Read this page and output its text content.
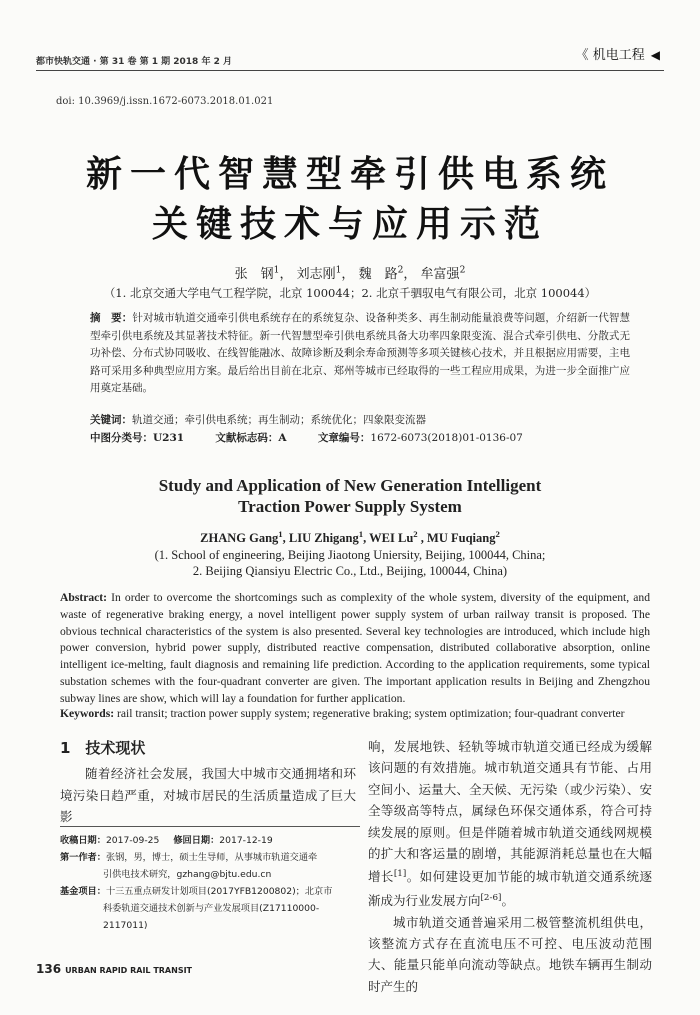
都市快轨交通 · 第 31 卷 第 1 期 2018 年 2 月	《 机电工程 ◀
doi: 10.3969/j.issn.1672-6073.2018.01.021
新一代智慧型牵引供电系统
关键技术与应用示范
张　钢$^1$， 刘志刚$^1$， 魏　路$^2$， 牟富强$^2$
（1. 北京交通大学电气工程学院，北京 100044；2. 北京千驷驭电气有限公司，北京 100044）
摘　要：针对城市轨道交通牵引供电系统存在的系统复杂、设备种类多、再生制动能量浪费等问题，介绍新一代智慧型牵引供电系统及其显著技术特征。新一代智慧型牵引供电系统具备大功率四象限变流、混合式牵引供电、分散式无功补偿、分布式协同吸收、在线智能融冰、故障诊断及剩余寿命预测等多项关键核心技术，并且根据应用需要，主电路可采用多种典型应用方案。最后给出目前在北京、郑州等城市已经取得的一些工程应用成果，为进一步全面推广应用奠定基础。
关键词：轨道交通；牵引供电系统；再生制动；系统优化；四象限变流器
中图分类号：U231	文献标志码：A	文章编号：1672-6073(2018)01-0136-07
Study and Application of New Generation Intelligent
Traction Power Supply System
ZHANG Gang$^1$, LIU Zhigang$^1$, WEI Lu$^2$ , MU Fuqiang$^2$
(1. School of engineering, Beijing Jiaotong Uniersity, Beijing, 100044, China;
2. Beijing Qiansiyu Electric Co., Ltd., Beijing, 100044, China)
Abstract: In order to overcome the shortcomings such as complexity of the whole system, diversity of the equipment, and waste of regenerative braking energy, a novel intelligent power supply system of urban railway transit is proposed. The obvious technical characteristics of the system is also presented. Several key technologies are introduced, which include high power conversion, hybrid power supply, distributed reactive compensation, distributed collaborative absorption, online intelligent ice-melting, fault diagnosis and remaining life prediction. According to the application requirements, some typical substation schemes with the four-quadrant converter are given. The important application results in Beijing and Zhengzhou subway lines are show, which will lay a foundation for further application.
Keywords: rail transit; traction power supply system; regenerative braking; system optimization; four-quadrant converter
1　技术现状

随着经济社会发展，我国大中城市交通拥堵和环境污染日趋严重，对城市居民的生活质量造成了巨大影

响，发展地铁、轻轨等城市轨道交通已经成为缓解该问题的有效措施。城市轨道交通具有节能、占用空间小、运量大、全天候、无污染（或少污染）、安全等级高等特点，属绿色环保交通体系，符合可持续发展的原则。但是伴随着城市轨道交通线网规模的扩大和客运量的剧增，其能源消耗总量也在大幅增长[1]。如何建设更加节能的城市轨道交通系统逐渐成为行业发展方向[2-6]。

城市轨道交通普遍采用二极管整流机组供电，该整流方式存在直流电压不可控、电压波动范围大、能量只能单向流动等缺点。地铁车辆再生制动时产生的

收稿日期： 2017-09-25 修回日期： 2017-12-19
第一作者： 张钢，男，博士，硕士生导师，从事城市轨道交通牵
引供电技术研究，gzhang@bjtu.edu.cn
基金项目： 十三五重点研发计划项目(2017YFB1200802)；北京市
科委轨道交通技术创新与产业发展项目(Z17110000-
2117011)
136 URBAN RAPID RAIL TRANSIT
